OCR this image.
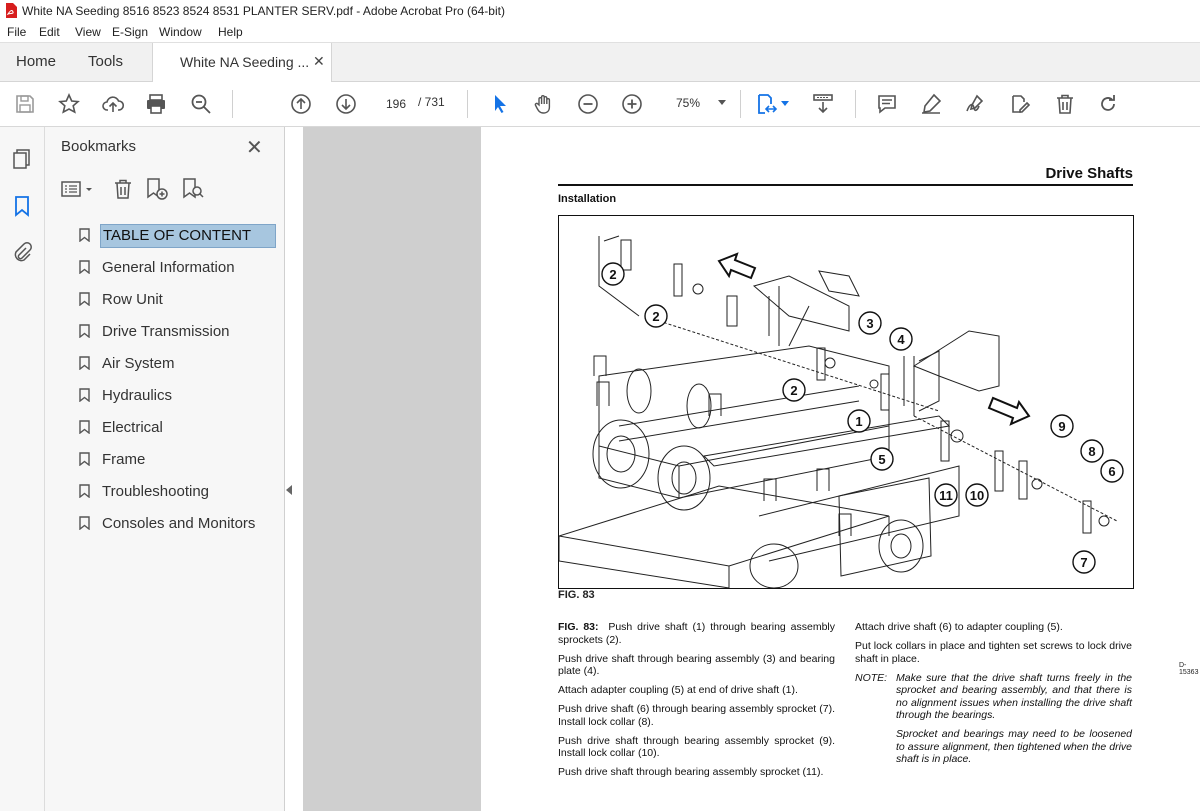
White NA Seeding 8516 8523 8524 8531 PLANTER SERV.pdf - Adobe Acrobat Pro (64-bit)
File Edit View E-Sign Window Help
Home Tools	White NA Seeding ... ✕
196 / 731	75%
Bookmarks	✕
TABLE OF CONTENT
General Information
Row Unit
Drive Transmission
Air System
Hydraulics
Electrical
Frame
Troubleshooting
Consoles and Monitors
Drive Shafts
Installation
2
2	3
4
2
1
5
11 10
9
8
6
7
D-15363
FIG. 83

FIG. 83: Push drive shaft (1) through bearing assembly sprockets (2).

Push drive shaft through bearing assembly (3) and bearing plate (4).

Attach adapter coupling (5) at end of drive shaft (1).

Push drive shaft (6) through bearing assembly sprocket (7). Install lock collar (8).

Push drive shaft through bearing assembly sprocket (9). Install lock collar (10).

Push drive shaft through bearing assembly sprocket (11).

Attach drive shaft (6) to adapter coupling (5).

Put lock collars in place and tighten set screws to lock drive shaft in place.

NOTE: Make sure that the drive shaft turns freely in the sprocket and bearing assembly, and that there is no alignment issues when installing the drive shaft through the bearings.

Sprocket and bearings may need to be loosened to assure alignment, then tightened when the drive shaft is in place.
